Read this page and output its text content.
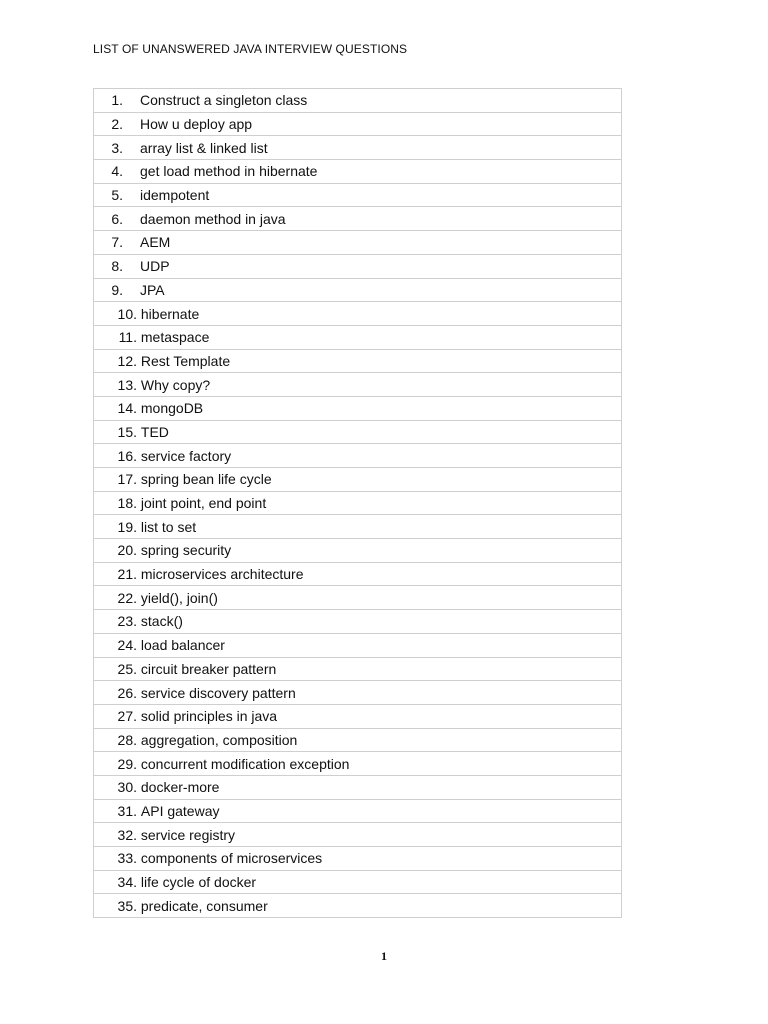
LIST OF UNANSWERED JAVA INTERVIEW QUESTIONS
1. Construct a singleton class
2. How u deploy app
3. array list & linked list
4. get load method in hibernate
5. idempotent
6. daemon method in java
7. AEM
8. UDP
9. JPA
10. hibernate
11. metaspace
12. Rest Template
13. Why copy?
14. mongoDB
15. TED
16. service factory
17. spring bean life cycle
18. joint point, end point
19. list to set
20. spring security
21. microservices architecture
22. yield(), join()
23. stack()
24. load balancer
25. circuit breaker pattern
26. service discovery pattern
27. solid principles in java
28. aggregation, composition
29. concurrent modification exception
30. docker-more
31. API gateway
32. service registry
33. components of microservices
34. life cycle of docker
35. predicate, consumer
1
